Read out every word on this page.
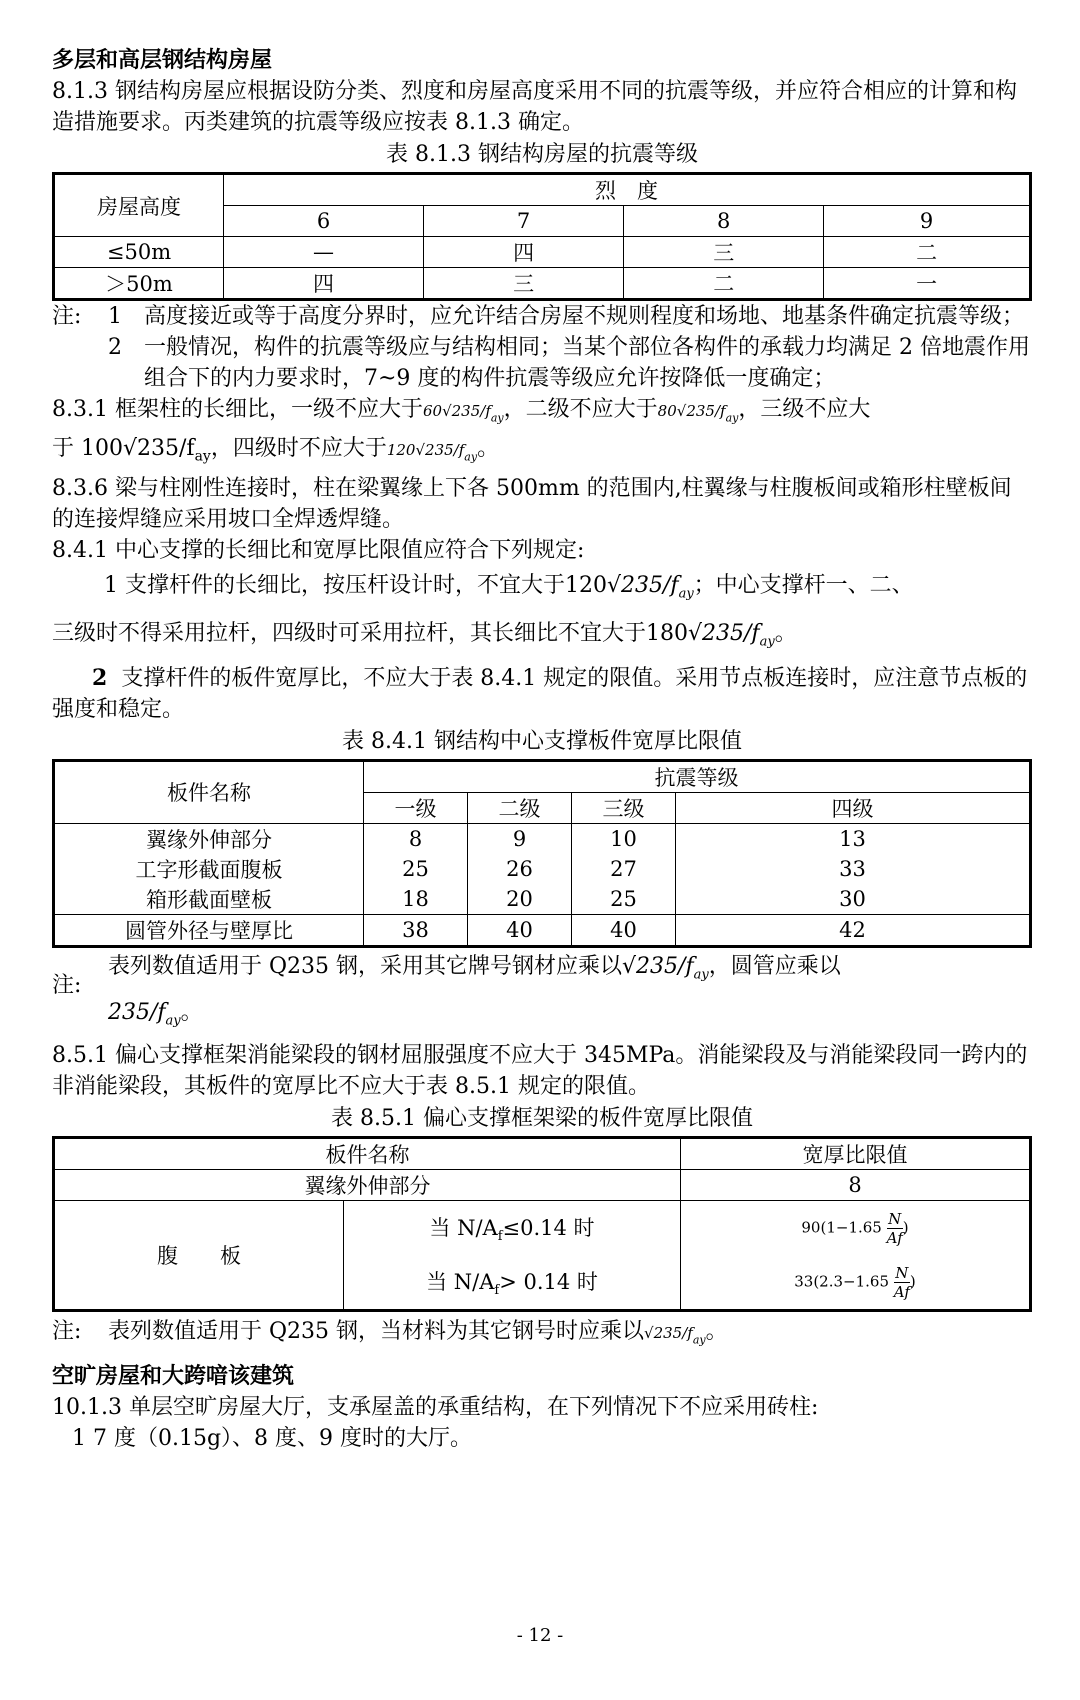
多层和高层钢结构房屋

8.1.3 钢结构房屋应根据设防分类、烈度和房屋高度采用不同的抗震等级，并应符合相应的计算和构造措施要求。丙类建筑的抗震等级应按表 8.1.3 确定。

表 8.1.3 钢结构房屋的抗震等级
房屋高度	烈　度			
	6	7	8	9
≤50m	—	四	三	二
＞50m	四	三	二	一
注:	1	高度接近或等于高度分界时，应允许结合房屋不规则程度和场地、地基条件确定抗震等级；
2	一般情况，构件的抗震等级应与结构相同；当某个部位各构件的承载力均满足 2 倍地震作用组合下的内力要求时，7~9 度的构件抗震等级应允许按降低一度确定；

8.3.1 框架柱的长细比，一级不应大于$60√235/f_{ay}$，二级不应大于$80√235/f_{ay}$，三级不应大
于 $100√235/f_{ay}$，四级时不应大于$120√235/f_{ay}$。

8.3.6 梁与柱刚性连接时，柱在梁翼缘上下各 500mm 的范围内,柱翼缘与柱腹板间或箱形柱壁板间的连接焊缝应采用坡口全焊透焊缝。

8.4.1 中心支撑的长细比和宽厚比限值应符合下列规定:

1 支撑杆件的长细比，按压杆设计时，不宜大于$120√235/f_{ay}$；中心支撑杆一、二、

三级时不得采用拉杆，四级时可采用拉杆，其长细比不宜大于$180√235/f_{ay}$。

2 支撑杆件的板件宽厚比，不应大于表 8.4.1 规定的限值。采用节点板连接时，应注意节点板的强度和稳定。

表 8.4.1 钢结构中心支撑板件宽厚比限值
板件名称	抗震等级			
	一级	二级	三级	四级
翼缘外伸部分	8	9	10	13
工字形截面腹板	25	26	27	33
箱形截面壁板	18	20	25	30
圆管外径与壁厚比	38	40	40	42
注:
表列数值适用于 Q235 钢，采用其它牌号钢材应乘以$√235/f_{ay}$，圆管应乘以
$235/f_{ay}$。

8.5.1 偏心支撑框架消能梁段的钢材屈服强度不应大于 345MPa。消能梁段及与消能梁段同一跨内的非消能梁段，其板件的宽厚比不应大于表 8.5.1 规定的限值。

表 8.5.1 偏心支撑框架梁的板件宽厚比限值
板件名称		宽厚比限值
翼缘外伸部分		8
腹　　板	当 $N/A_f\le 0.14$ 时	$90(1-1.65 \frac{N}{Af}$ )
	当 $N/A_f> 0.14$ 时	$33(2.3-1.65 \frac{N}{Af}$ )
注:	表列数值适用于 Q235 钢，当材料为其它钢号时应乘以$√235/f_{ay}$。
空旷房屋和大跨喑该建筑

10.1.3 单层空旷房屋大厅，支承屋盖的承重结构，在下列情况下不应采用砖柱:

1 7 度（0.15g）、8 度、9 度时的大厅。

- 12 -
